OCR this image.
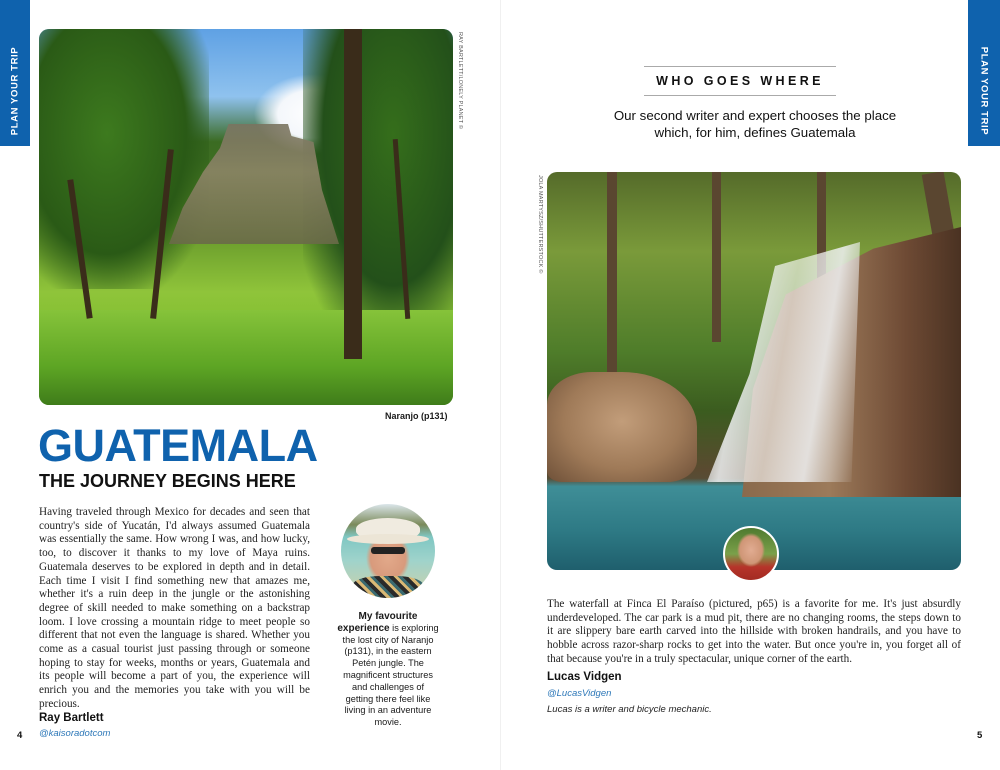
PLAN YOUR TRIP	RAY BARTLETT/LONELY PLANET ©
Naranjo (p131)
GUATEMALA
THE JOURNEY BEGINS HERE
Having traveled through Mexico for decades and seen that country's side of Yucatán, I'd always assumed Guatemala was essentially the same. How wrong I was, and how lucky, too, to discover it thanks to my love of Maya ruins. Guatemala deserves to be explored in depth and in detail. Each time I visit I find something new that amazes me, whether it's a ruin deep in the jungle or the astonishing degree of skill needed to make something on a backstrap loom. I love crossing a mountain ridge to meet people so different that not even the language is shared. Whether you come as a casual tourist just passing through or someone hoping to stay for weeks, months or years, Guatemala and its people will become a part of you, the experience will enrich you and the memories you take with you will be precious.
Ray Bartlett
@kaisoradotcom
My favourite experience is exploring the lost city of Naranjo (p131), in the eastern Petén jungle. The magnificent structures and challenges of getting there feel like living in an adventure movie.
4
PLAN YOUR TRIP
WHO GOES WHERE
Our second writer and expert chooses the place which, for him, defines Guatemala
JOLA MARTYSZ/SHUTTERSTOCK ©
The waterfall at Finca El Paraíso (pictured, p65) is a favorite for me. It's just absurdly underdeveloped. The car park is a mud pit, there are no changing rooms, the steps down to it are slippery bare earth carved into the hillside with broken handrails, and you have to hobble across razor-sharp rocks to get into the water. But once you're in, you forget all of that because you're in a truly spectacular, unique corner of the earth.
Lucas Vidgen
@LucasVidgen
Lucas is a writer and bicycle mechanic.
5
